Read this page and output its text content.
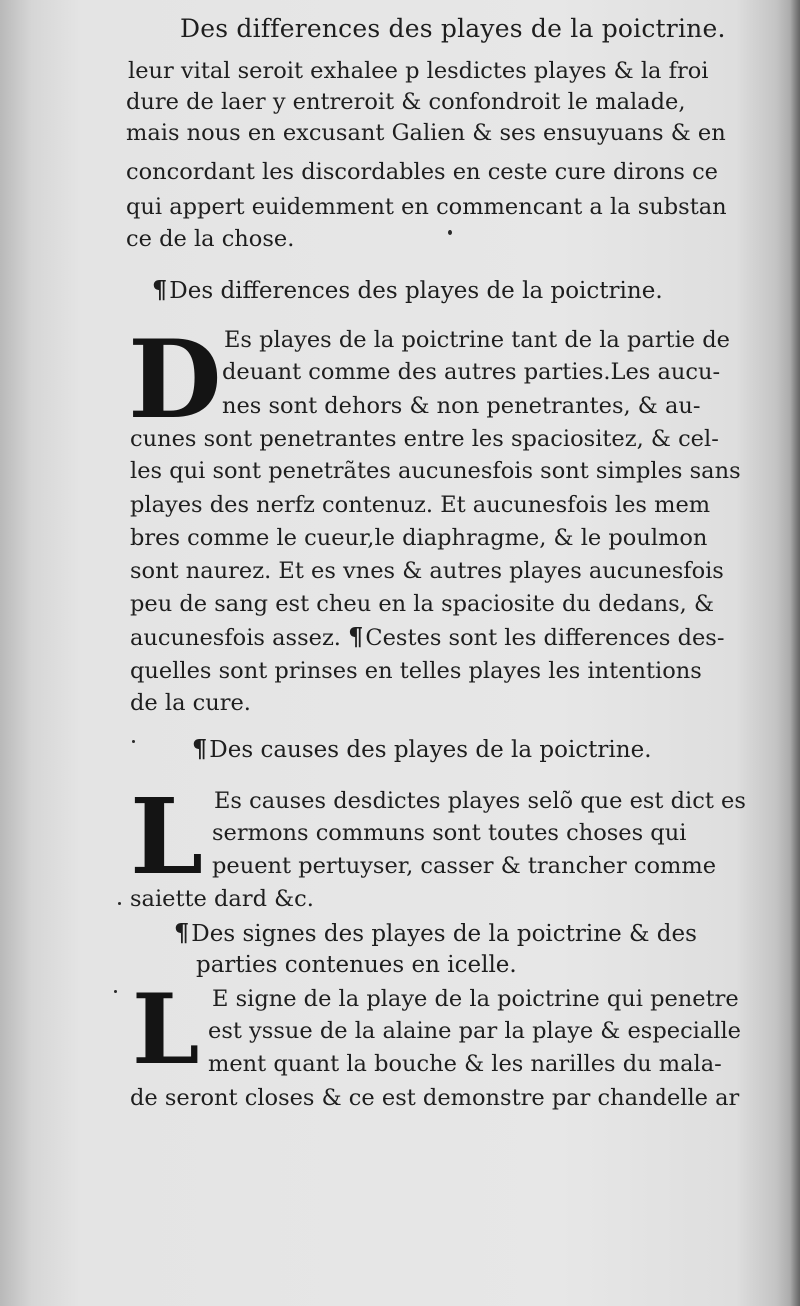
Des differences des playes de la poictrine.
leur vital seroit exhalee p lesdictes playes & la froi
dure de laer y entreroit & confondroit le malade,
mais nous en excusant Galien & ses ensuyuans & en
concordant les discordables en ceste cure dirons ce
qui appert euidemment en commencant a la substan
ce de la chose.
¶Des differences des playes de la poictrine.
D Es playes de la poictrine tant de la partie de
deuant comme des autres parties.Les aucu-
nes sont dehors & non penetrantes, & au-
cunes sont penetrantes entre les spaciositez, & cel-
les qui sont penetrãtes aucunesfois sont simples sans
playes des nerfz contenuz. Et aucunesfois les mem
bres comme le cueur,le diaphragme, & le poulmon
sont naurez. Et es vnes & autres playes aucunesfois
peu de sang est cheu en la spaciosite du dedans, &
aucunesfois assez. ¶Cestes sont les differences des-
quelles sont prinses en telles playes les intentions
de la cure.
¶Des causes des playes de la poictrine.
L Es causes desdictes playes selõ que est dict es
sermons communs sont toutes choses qui
peuent pertuyser, casser & trancher comme
saiette dard &c.
¶Des signes des playes de la poictrine & des
parties contenues en icelle.
L E signe de la playe de la poictrine qui penetre
est yssue de la alaine par la playe & especialle
ment quant la bouche & les narilles du mala-
de seront closes & ce est demonstre par chandelle ar
